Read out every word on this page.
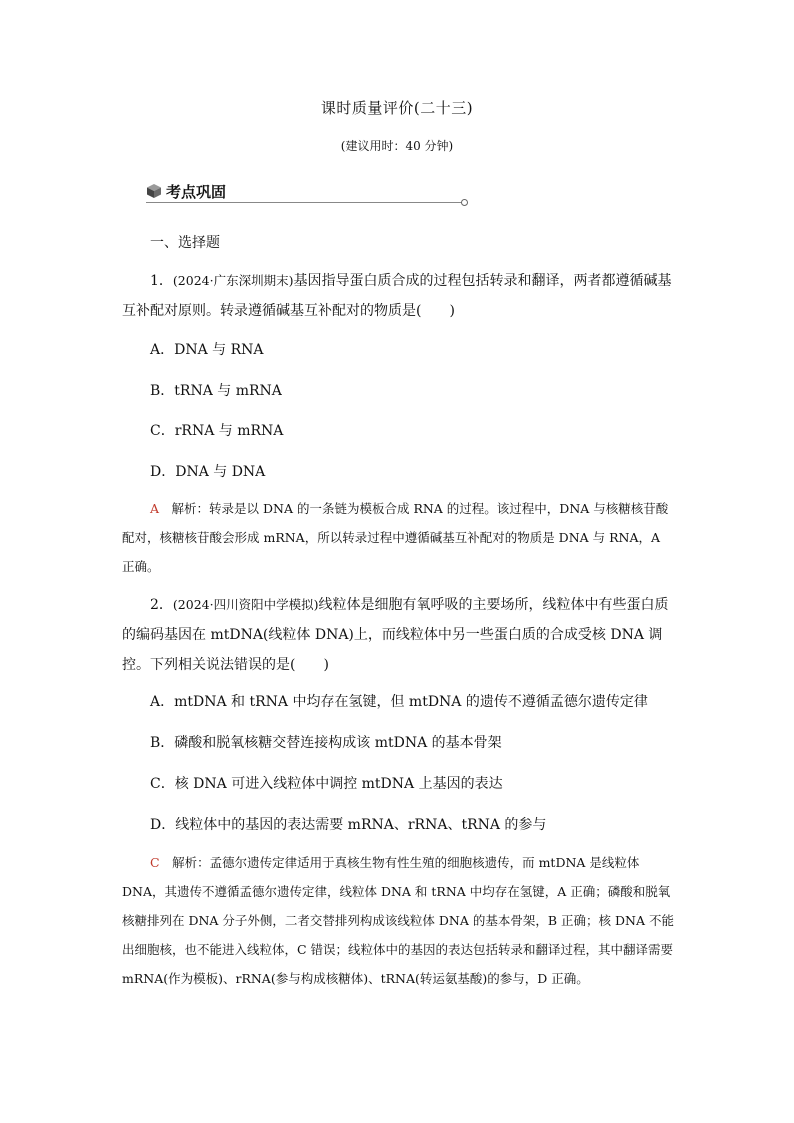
课时质量评价(二十三)
(建议用时：40 分钟)
考点巩固
一、选择题
1．(2024·广东深圳期末)基因指导蛋白质合成的过程包括转录和翻译，两者都遵循碱基互补配对原则。转录遵循碱基互补配对的物质是(　　)
A．DNA 与 RNA
B．tRNA 与 mRNA
C．rRNA 与 mRNA
D．DNA 与 DNA
A　 解析：转录是以 DNA 的一条链为模板合成 RNA 的过程。该过程中，DNA 与核糖核苷酸配对，核糖核苷酸会形成 mRNA，所以转录过程中遵循碱基互补配对的物质是 DNA 与 RNA，A 正确。
2．(2024·四川资阳中学模拟)线粒体是细胞有氧呼吸的主要场所，线粒体中有些蛋白质的编码基因在 mtDNA(线粒体 DNA)上，而线粒体中另一些蛋白质的合成受核 DNA 调控。下列相关说法错误的是(　　)
A．mtDNA 和 tRNA 中均存在氢键，但 mtDNA 的遗传不遵循孟德尔遗传定律
B．磷酸和脱氧核糖交替连接构成该 mtDNA 的基本骨架
C．核 DNA 可进入线粒体中调控 mtDNA 上基因的表达
D．线粒体中的基因的表达需要 mRNA、rRNA、tRNA 的参与
C　 解析：孟德尔遗传定律适用于真核生物有性生殖的细胞核遗传，而 mtDNA 是线粒体 DNA，其遗传不遵循孟德尔遗传定律，线粒体 DNA 和 tRNA 中均存在氢键，A 正确；磷酸和脱氧核糖排列在 DNA 分子外侧，二者交替排列构成该线粒体 DNA 的基本骨架，B 正确；核 DNA 不能出细胞核，也不能进入线粒体，C 错误；线粒体中的基因的表达包括转录和翻译过程，其中翻译需要 mRNA(作为模板)、rRNA(参与构成核糖体)、tRNA(转运氨基酸)的参与，D 正确。
